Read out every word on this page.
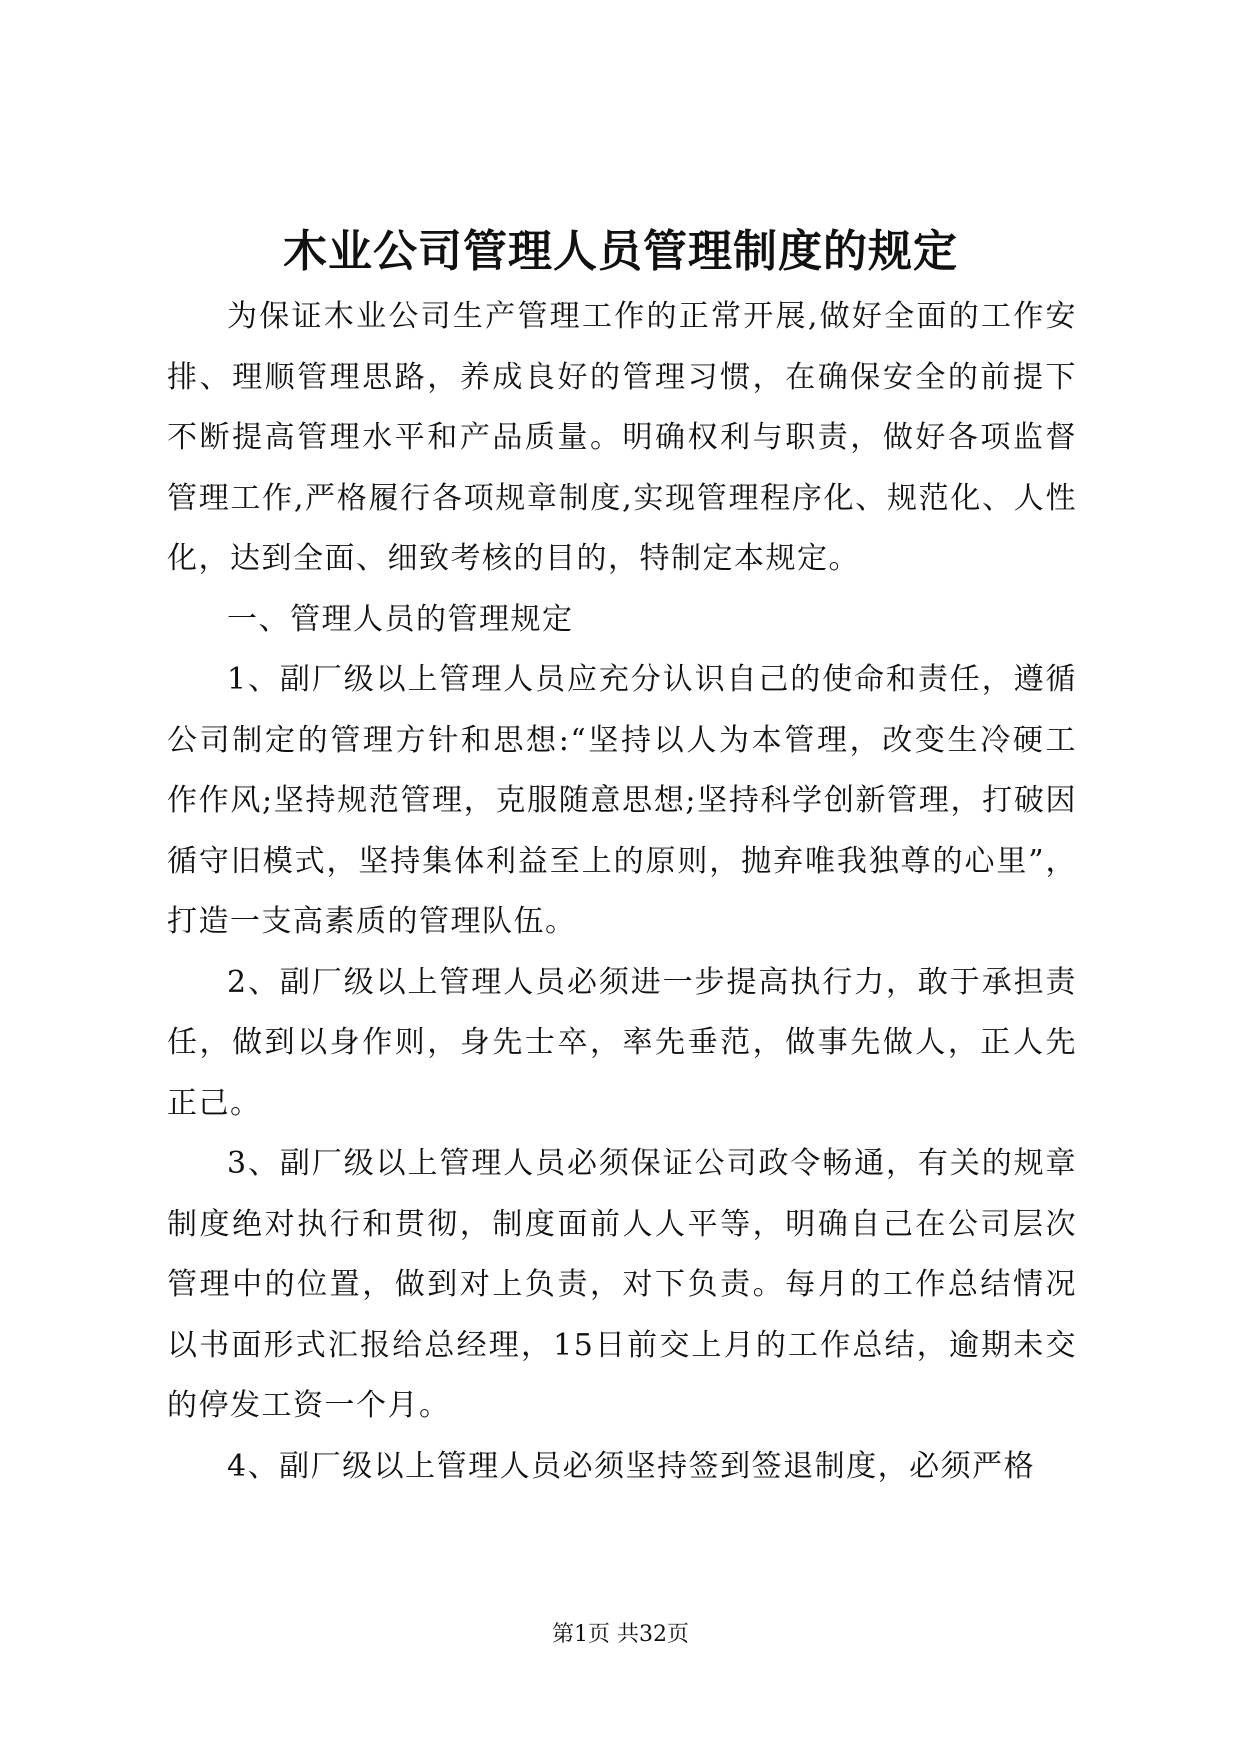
木业公司管理人员管理制度的规定

为保证木业公司生产管理工作的正常开展,做好全面的工作安排、理顺管理思路，养成良好的管理习惯，在确保安全的前提下不断提高管理水平和产品质量。明确权利与职责，做好各项监督管理工作,严格履行各项规章制度,实现管理程序化、规范化、人性化，达到全面、细致考核的目的，特制定本规定。

一、管理人员的管理规定

1、副厂级以上管理人员应充分认识自己的使命和责任，遵循公司制定的管理方针和思想:“坚持以人为本管理，改变生冷硬工作作风;坚持规范管理，克服随意思想;坚持科学创新管理，打破因循守旧模式，坚持集体利益至上的原则，抛弃唯我独尊的心里”，打造一支高素质的管理队伍。

2、副厂级以上管理人员必须进一步提高执行力，敢于承担责任，做到以身作则，身先士卒，率先垂范，做事先做人，正人先正己。

3、副厂级以上管理人员必须保证公司政令畅通，有关的规章制度绝对执行和贯彻，制度面前人人平等，明确自己在公司层次管理中的位置，做到对上负责，对下负责。每月的工作总结情况以书面形式汇报给总经理，15日前交上月的工作总结，逾期未交的停发工资一个月。

4、副厂级以上管理人员必须坚持签到签退制度，必须严格

第1页 共32页
